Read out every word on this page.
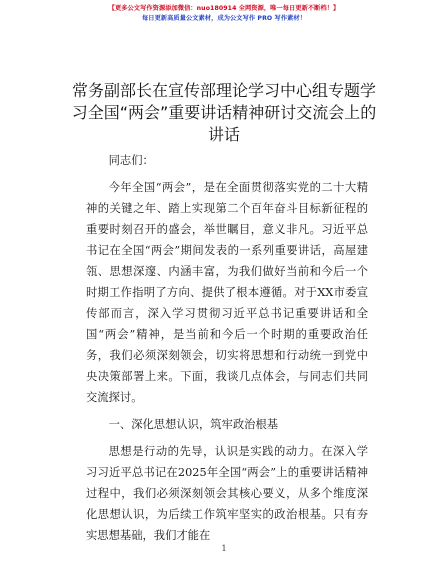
【更多公文写作资源添加微信：nuo180914 全网资源，唯一每日更新不断档！】
每日更新高质量公文素材，成为公文写作 PRO 写作素材！
常务副部长在宣传部理论学习中心组专题学习全国“两会”重要讲话精神研讨交流会上的讲话

同志们：

今年全国“两会”，是在全面贯彻落实党的二十大精神的关键之年、踏上实现第二个百年奋斗目标新征程的重要时刻召开的盛会，举世瞩目，意义非凡。习近平总书记在全国“两会”期间发表的一系列重要讲话，高屋建瓴、思想深邃、内涵丰富，为我们做好当前和今后一个时期工作指明了方向、提供了根本遵循。对于XX市委宣传部而言，深入学习贯彻习近平总书记重要讲话和全国“两会”精神，是当前和今后一个时期的重要政治任务，我们必须深刻领会，切实将思想和行动统一到党中央决策部署上来。下面，我谈几点体会，与同志们共同交流探讨。

一、深化思想认识，筑牢政治根基

思想是行动的先导，认识是实践的动力。在深入学习习近平总书记在2025年全国“两会”上的重要讲话精神过程中，我们必须深刻领会其核心要义，从多个维度深化思想认识，为后续工作筑牢坚实的政治根基。只有夯实思想基础，我们才能在

1
